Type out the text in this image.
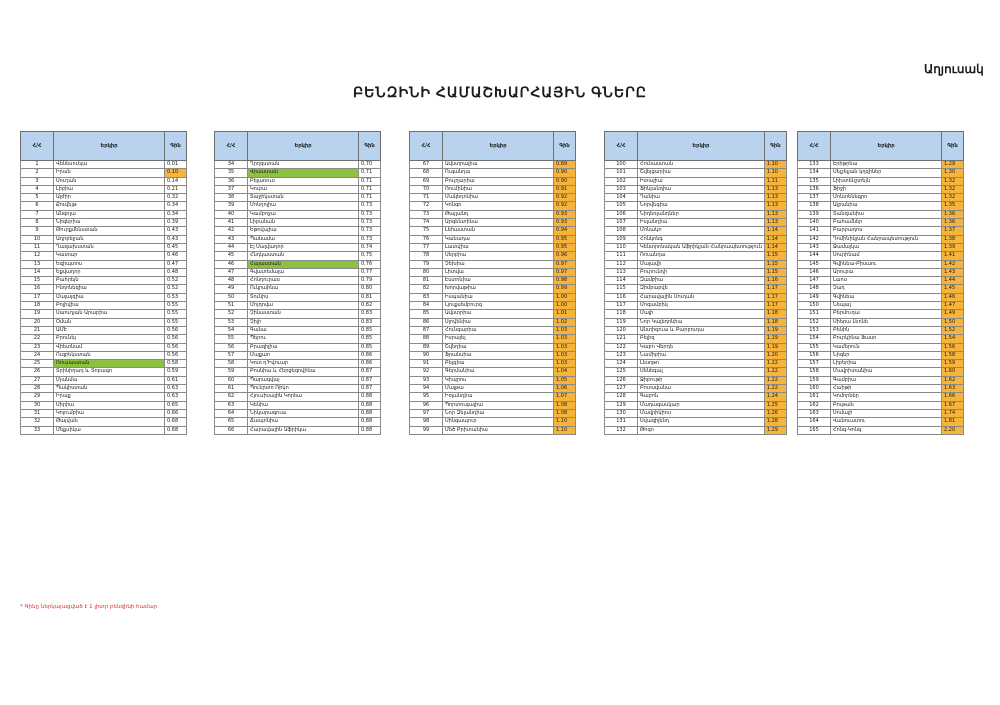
Աղյուսակ
ԲԵՆԶԻՆԻ ՀԱՄԱՇԽԱՐՀԱՅԻՆ ԳՆԵՐԸ
Հ/Հ	Երկիր	Գին
1	Վենեսուելա	0.01
2	Իրան	0.10
3	Սուդան	0.14
4	Լիբիա	0.21
5	Ալժիր	0.32
6	Քուվեյթ	0.34
7	Անգոլա	0.34
8	Նիգերիա	0.39
9	Թուրքմենստան	0.43
10	Ադրբեջան	0.43
11	Ղազախստան	0.45
12	Կատար	0.46
13	Եգիպտոս	0.47
14	Եքվադոր	0.48
15	Բահրեյն	0.52
16	Ինդոնեզիա	0.52
17	Մալայզիա	0.53
18	Բոլիվիա	0.55
19	Սաուդյան Արաբիա	0.55
20	Օման	0.55
21	ԱՄԷ	0.56
22	Բրունեյ	0.56
23	Վիետնամ	0.56
24	Ուզբեկստան	0.56
25	Ռուսաստան	0.58
26	Տրինիդադ և Տոբագո	0.59
27	Մյանմա	0.61
28	Պակիստան	0.63
29	Իրաք	0.63
30	Սիրիա	0.65
31	Կոլումբիա	0.66
32	Թայվան	0.68
33	Մեքսիկա	0.68
Հ/Հ	Երկիր	Գին
34	Ղրղզստան	0.70
35	Վրաստան	0.71
36	Բելառուս	0.71
37	Կուբա	0.71
38	Տաջիկստան	0.71
39	Մոնղոլիա	0.73
40	Կամբոջա	0.73
41	Լիբանան	0.73
42	Եթովպիա	0.73
43	Պանամա	0.73
44	Էլ Սալվադոր	0.74
45	Հնդկաստան	0.75
46	Հայաստան	0.76
47	Գվատեմալա	0.77
48	Հոնդուրաս	0.79
49	Ուկրաինա	0.80
50	Տունիս	0.81
51	Մոլդովա	0.82
52	Չինաստան	0.83
53	Չիլի	0.83
54	Գանա	0.85
55	Պերու	0.85
56	Բրազիլիա	0.85
57	Մաքաո	0.86
58	Կոտ դ'Իվուար	0.86
59	Բոսնիա և Հերցեգովինա	0.87
60	Պարագվայ	0.87
61	Պուերտո Ռիկո	0.87
62	Հյուսիսային Կորեա	0.88
63	Կենիա	0.88
64	Նիկարագուա	0.88
65	Ճապոնիա	0.88
66	Հարավային Աֆրիկա	0.88
Հ/Հ	Երկիր	Գին
67	Ավստրալիա	0.89
68	Ուգանդա	0.90
69	Բուլղարիա	0.90
70	Ռումինիա	0.91
71	Մակեդոնիա	0.92
72	Կոնգո	0.92
73	Թայլանդ	0.93
74	Արգենտինա	0.93
75	Լեհաստան	0.94
76	Կանադա	0.95
77	Լատվիա	0.95
78	Սերբիա	0.96
79	Չեխիա	0.97
80	Լիտվա	0.97
81	Էստոնիա	0.98
82	Խորվաթիա	0.99
83	Իսպանիա	1.00
84	Լյուքսեմբուրգ	1.00
85	Ավստրիա	1.01
86	Սլովենիա	1.02
87	Հունգարիա	1.03
88	Իսրայել	1.03
89	Շվեդիա	1.03
90	Ֆրանսիա	1.03
91	Բելգիա	1.03
92	Գերմանիա	1.04
93	Կիպրոս	1.05
94	Մալթա	1.06
95	Իռլանդիա	1.07
96	Պորտուգալիա	1.08
97	Նոր Զելանդիա	1.08
98	Սինգապուր	1.10
99	Մեծ Բրիտանիա	1.10
Հ/Հ	Երկիր	Գին
100	Հունաստան	1.10
101	Շվեյցարիա	1.10
102	Իտալիա	1.11
103	Ֆինլանդիա	1.13
104	Դանիա	1.13
105	Նորվեգիա	1.13
106	Նիդեռլանդներ	1.13
107	Իսլանդիա	1.13
108	Մոնակո	1.14
109	Հոնկոնգ	1.14
110	Կենտրոնական Աֆրիկյան Հանրապետություն	1.14
111	Ռուանդա	1.15
112	Մալավի	1.15
113	Բուրունդի	1.15
114	Զամբիա	1.16
115	Զիմբաբվե	1.17
116	Հարավային Սուդան	1.17
117	Մոզամբիկ	1.17
118	Մալի	1.18
119	Նոր Կալեդոնիա	1.18
120	Անտիգուա և Բարբուդա	1.19
121	Բելիզ	1.19
122	Կաբո Վերդե	1.19
123	Նամիբիա	1.20
124	Լեսոթո	1.22
125	Սենեգալ	1.22
126	Ջիբութի	1.22
127	Բոտսվանա	1.22
128	Գաբոն	1.24
129	Մադագասկար	1.25
130	Մավրիկիոս	1.26
131	Սվազիլենդ	1.28
132	Թոգո	1.29
Հ/Հ	Երկիր	Գին
133	Էրիթրեա	1.29
134	Սեյշելյան կղզիներ	1.30
135	Լիխտենշտեյն	1.32
136	Ֆիջի	1.32
137	Մոնտենեգրո	1.32
138	Ալբանիա	1.35
139	Տանզանիա	1.36
140	Բահամներ	1.36
141	Բարբադոս	1.37
142	Դոմինիկյան Հանրապետություն	1.38
143	Ջամայկա	1.39
144	Սուրինամ	1.41
145	Գվինեա-Բիսաու	1.42
146	Արուբա	1.43
147	Լաոս	1.44
148	Չադ	1.45
149	Գվինեա	1.46
150	Նեպալ	1.47
151	Բերմուդա	1.49
152	Սիերա Լեոնե	1.50
153	Բենին	1.52
154	Բուրկինա Ֆասո	1.54
155	Կամերուն	1.56
156	Նիգեր	1.58
157	Լիբերիա	1.59
158	Մավրիտանիա	1.60
159	Գամբիա	1.62
160	Հաիթի	1.63
161	Կոմորներ	1.66
162	Բութան	1.67
163	Սոմալի	1.74
164	Վանուատու	1.81
165	Հոնգ-Կոնգ	2.20
* Գինը ներկայացված է 1 լիտր բենզինի համար
